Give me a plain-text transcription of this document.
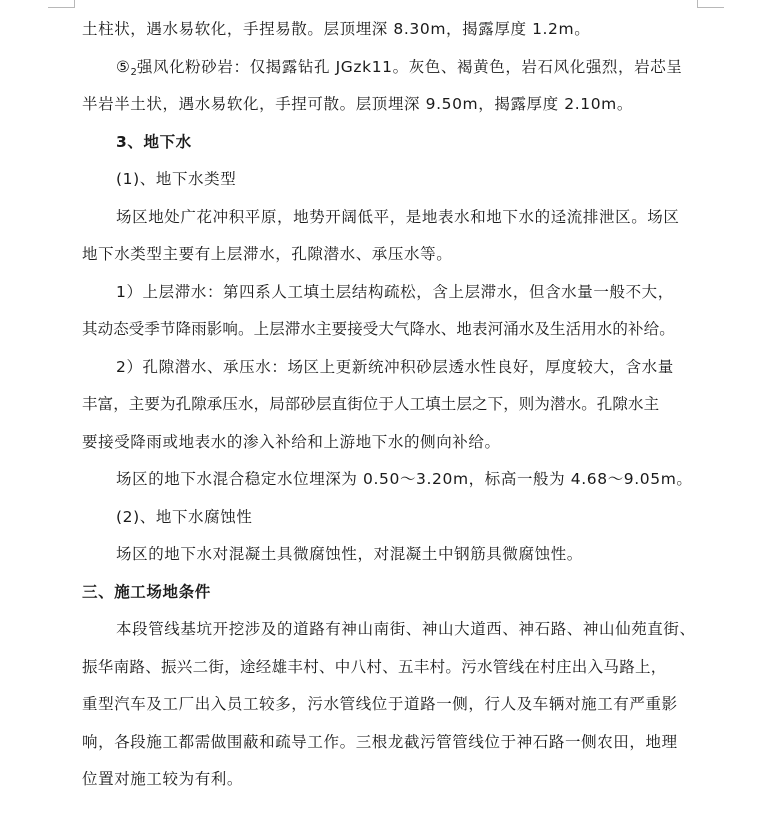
土柱状，遇水易软化，手捏易散。层顶埋深 8.30m，揭露厚度 1.2m。
$⑤_2$强风化粉砂岩：仅揭露钻孔 JGzk11。灰色、褐黄色，岩石风化强烈，岩芯呈
半岩半土状，遇水易软化，手捏可散。层顶埋深 9.50m，揭露厚度 2.10m。
3、地下水
(1)、地下水类型
场区地处广花冲积平原，地势开阔低平，是地表水和地下水的迳流排泄区。场区
地下水类型主要有上层滞水，孔隙潜水、承压水等。
1）上层滞水：第四系人工填土层结构疏松，含上层滞水，但含水量一般不大，
其动态受季节降雨影响。上层滞水主要接受大气降水、地表河涌水及生活用水的补给。
2）孔隙潜水、承压水：场区上更新统冲积砂层透水性良好，厚度较大，含水量
丰富，主要为孔隙承压水，局部砂层直街位于人工填土层之下，则为潜水。孔隙水主
要接受降雨或地表水的渗入补给和上游地下水的侧向补给。
场区的地下水混合稳定水位埋深为 0.50～3.20m，标高一般为 4.68～9.05m。
(2)、地下水腐蚀性
场区的地下水对混凝土具微腐蚀性，对混凝土中钢筋具微腐蚀性。
三、施工场地条件
本段管线基坑开挖涉及的道路有神山南街、神山大道西、神石路、神山仙苑直街、
振华南路、振兴二街，途经雄丰村、中八村、五丰村。污水管线在村庄出入马路上，
重型汽车及工厂出入员工较多，污水管线位于道路一侧，行人及车辆对施工有严重影
响，各段施工都需做围蔽和疏导工作。三根龙截污管管线位于神石路一侧农田，地理
位置对施工较为有利。
